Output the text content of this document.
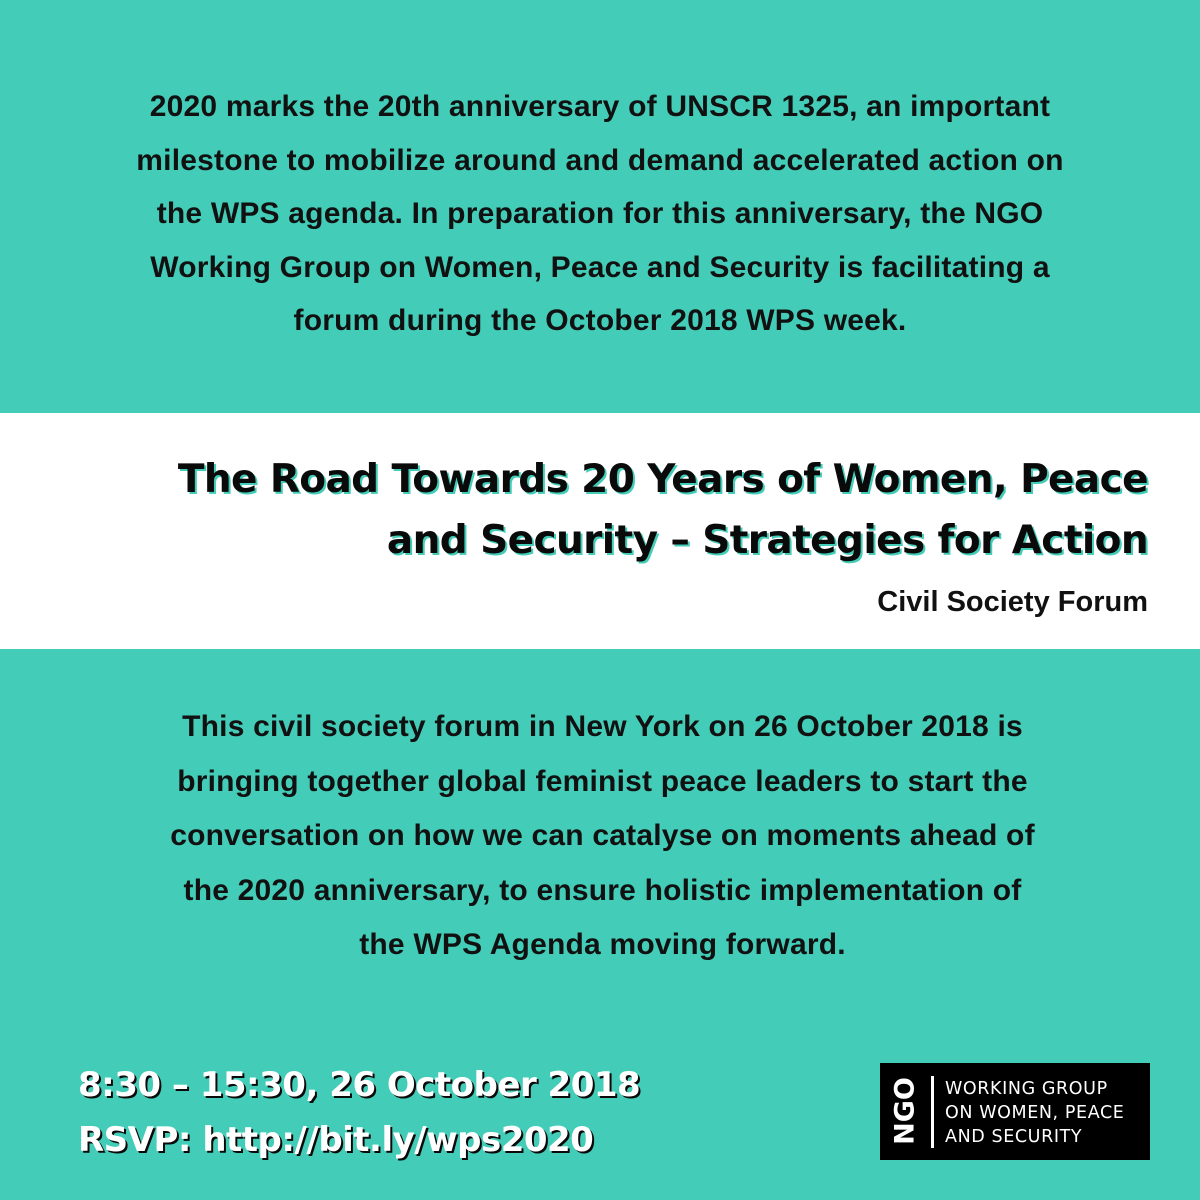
2020 marks the 20th anniversary of UNSCR 1325, an important
milestone to mobilize around and demand accelerated action on
the WPS agenda. In preparation for this anniversary, the NGO
Working Group on Women, Peace and Security is facilitating a
forum during the October 2018 WPS week.
The Road Towards 20 Years of Women, Peace
and Security – Strategies for Action
Civil Society Forum
This civil society forum in New York on 26 October 2018 is
bringing together global feminist peace leaders to start the
conversation on how we can catalyse on moments ahead of
the 2020 anniversary, to ensure holistic implementation of
the WPS Agenda moving forward.
8:30 – 15:30, 26 October 2018
RSVP: http://bit.ly/wps2020	NGO WORKING GROUP
ON WOMEN, PEACE
AND SECURITY
